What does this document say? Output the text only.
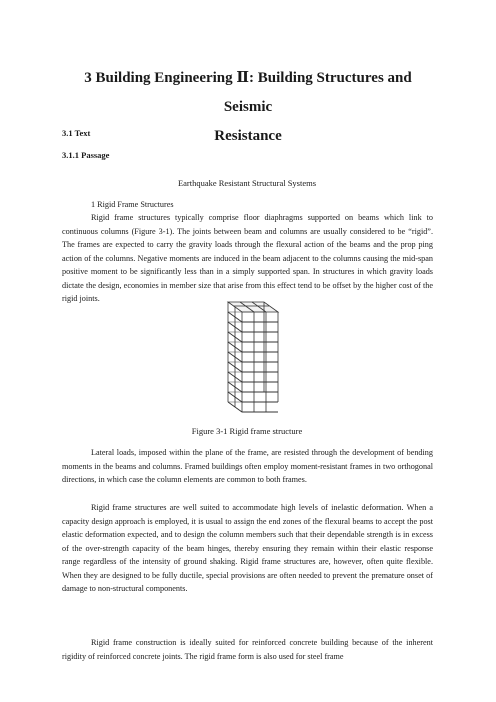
3 Building Engineering Ⅱ: Building Structures and Seismic
Resistance
3.1 Text
3.1.1 Passage
Earthquake Resistant Structural Systems
1 Rigid Frame Structures

Rigid frame structures typically comprise floor diaphragms supported on beams which link to continuous columns (Figure 3-1). The joints between beam and columns are usually considered to be “rigid”. The frames are expected to carry the gravity loads through the flexural action of the beams and the prop ping action of the columns. Negative moments are induced in the beam adjacent to the columns causing the mid-span positive moment to be significantly less than in a simply supported span. In structures in which gravity loads dictate the design, economies in member size that arise from this effect tend to be offset by the higher cost of the rigid joints.

Figure 3-1 Rigid frame structure

Lateral loads, imposed within the plane of the frame, are resisted through the development of bending moments in the beams and columns. Framed buildings often employ moment-resistant frames in two orthogonal directions, in which case the column elements are common to both frames.

Rigid frame structures are well suited to accommodate high levels of inelastic deformation. When a capacity design approach is employed, it is usual to assign the end zones of the flexural beams to accept the post elastic deformation expected, and to design the column members such that their dependable strength is in excess of the over-strength capacity of the beam hinges, thereby ensuring they remain within their elastic response range regardless of the intensity of ground shaking. Rigid frame structures are, however, often quite flexible. When they are designed to be fully ductile, special provisions are often needed to prevent the premature onset of damage to non-structural components.

Rigid frame construction is ideally suited for reinforced concrete building because of the inherent rigidity of reinforced concrete joints. The rigid frame form is also used for steel frame
